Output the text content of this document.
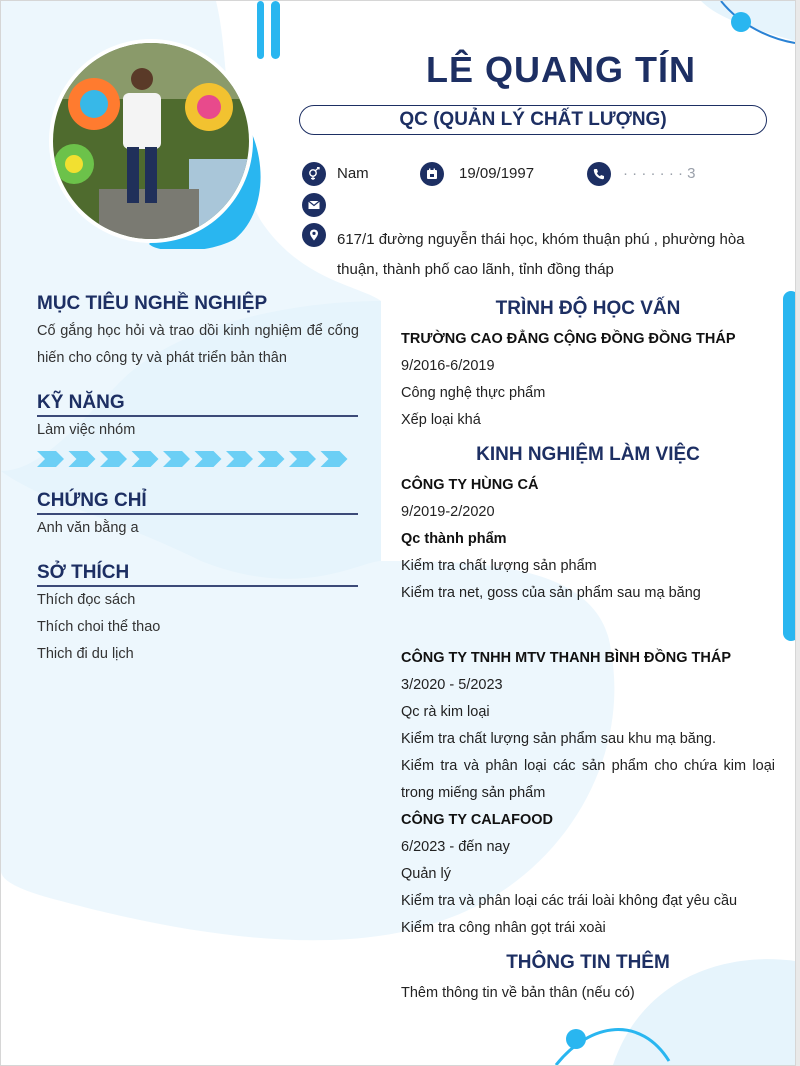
LÊ QUANG TÍN
QC (QUẢN LÝ CHẤT LƯỢNG)
Nam	19/09/1997	· · · · · · · 3
617/1 đường nguyễn thái học, khóm thuận phú , phường hòa thuận, thành phố cao lãnh, tỉnh đồng tháp
MỤC TIÊU NGHỀ NGHIỆP
Cố gắng học hỏi và trao dồi kinh nghiệm để cống hiến cho công ty và phát triển bản thân
KỸ NĂNG
Làm việc nhóm
CHỨNG CHỈ
Anh văn bằng a
SỞ THÍCH
Thích đọc sách
Thích choi thể thao
Thich đi du lịch
TRÌNH ĐỘ HỌC VẤN
TRƯỜNG CAO ĐẲNG CỘNG ĐỒNG ĐỒNG THÁP
9/2016-6/2019
Công nghệ thực phẩm
Xếp loại khá
KINH NGHIỆM LÀM VIỆC
CÔNG TY HÙNG CÁ
9/2019-2/2020
Qc thành phẩm
Kiểm tra chất lượng sản phẩm
Kiểm tra net, goss của sản phẩm sau mạ băng
CÔNG TY TNHH MTV THANH BÌNH ĐỒNG THÁP
3/2020 - 5/2023
Qc rà kim loại
Kiểm tra chất lượng sản phẩm sau khu mạ băng.
Kiểm tra và phân loại các sản phẩm cho chứa kim loại trong miếng sản phẩm
CÔNG TY CALAFOOD
6/2023 - đến nay
Quản lý
Kiểm tra và phân loại các trái loài không đạt yêu cầu
Kiểm tra công nhân gọt trái xoài
THÔNG TIN THÊM
Thêm thông tin về bản thân (nếu có)
